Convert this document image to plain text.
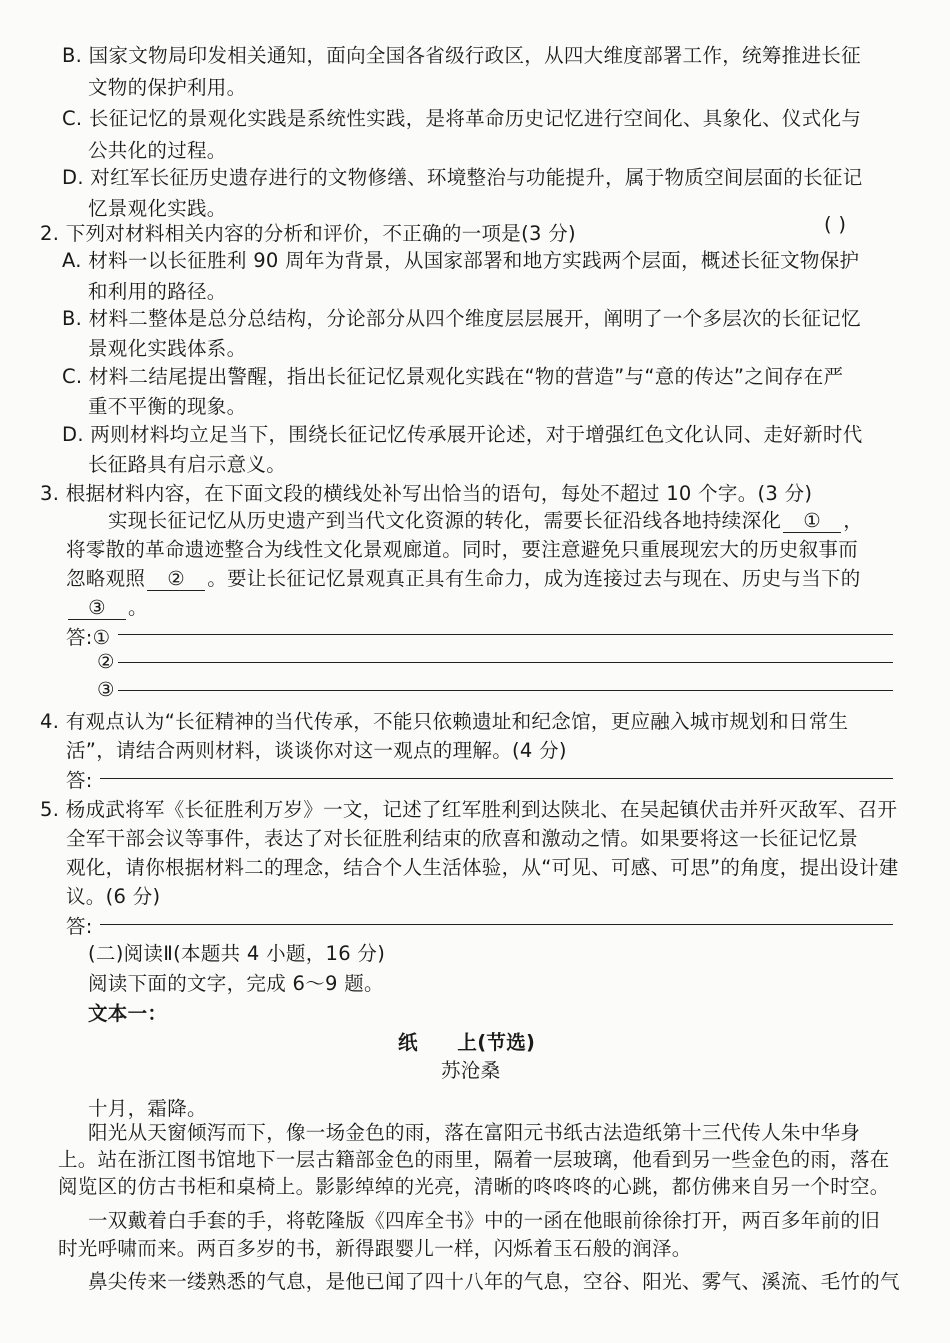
B. 国家文物局印发相关通知，面向全国各省级行政区，从四大维度部署工作，统筹推进长征
文物的保护利用。
C. 长征记忆的景观化实践是系统性实践，是将革命历史记忆进行空间化、具象化、仪式化与
公共化的过程。
D. 对红军长征历史遗存进行的文物修缮、环境整治与功能提升，属于物质空间层面的长征记
忆景观化实践。
2. 下列对材料相关内容的分析和评价，不正确的一项是(3 分)	( )
A. 材料一以长征胜利 90 周年为背景，从国家部署和地方实践两个层面，概述长征文物保护
和利用的路径。
B. 材料二整体是总分总结构，分论部分从四个维度层层展开，阐明了一个多层次的长征记忆
景观化实践体系。
C. 材料二结尾提出警醒，指出长征记忆景观化实践在“物的营造”与“意的传达”之间存在严
重不平衡的现象。
D. 两则材料均立足当下，围绕长征记忆传承展开论述，对于增强红色文化认同、走好新时代
长征路具有启示意义。
3. 根据材料内容，在下面文段的横线处补写出恰当的语句，每处不超过 10 个字。(3 分)
实现长征记忆从历史遗产到当代文化资源的转化，需要长征沿线各地持续深化 ① ，
将零散的革命遗迹整合为线性文化景观廊道。同时，要注意避免只重展现宏大的历史叙事而
忽略观照 ② 。要让长征记忆景观真正具有生命力，成为连接过去与现在、历史与当下的
③ 。
答:①
②
③
4. 有观点认为“长征精神的当代传承，不能只依赖遗址和纪念馆，更应融入城市规划和日常生
活”，请结合两则材料，谈谈你对这一观点的理解。(4 分)
答:
5. 杨成武将军《长征胜利万岁》一文，记述了红军胜利到达陕北、在吴起镇伏击并歼灭敌军、召开
全军干部会议等事件，表达了对长征胜利结束的欣喜和激动之情。如果要将这一长征记忆景
观化，请你根据材料二的理念，结合个人生活体验，从“可见、可感、可思”的角度，提出设计建
议。(6 分)
答:
(二)阅读Ⅱ(本题共 4 小题，16 分)
阅读下面的文字，完成 6～9 题。
文本一：
纸　　上(节选)
苏沧桑
十月，霜降。
阳光从天窗倾泻而下，像一场金色的雨，落在富阳元书纸古法造纸第十三代传人朱中华身
上。站在浙江图书馆地下一层古籍部金色的雨里，隔着一层玻璃，他看到另一些金色的雨，落在
阅览区的仿古书柜和桌椅上。影影绰绰的光亮，清晰的咚咚咚的心跳，都仿佛来自另一个时空。
一双戴着白手套的手，将乾隆版《四库全书》中的一函在他眼前徐徐打开，两百多年前的旧
时光呼啸而来。两百多岁的书，新得跟婴儿一样，闪烁着玉石般的润泽。
鼻尖传来一缕熟悉的气息，是他已闻了四十八年的气息，空谷、阳光、雾气、溪流、毛竹的气
